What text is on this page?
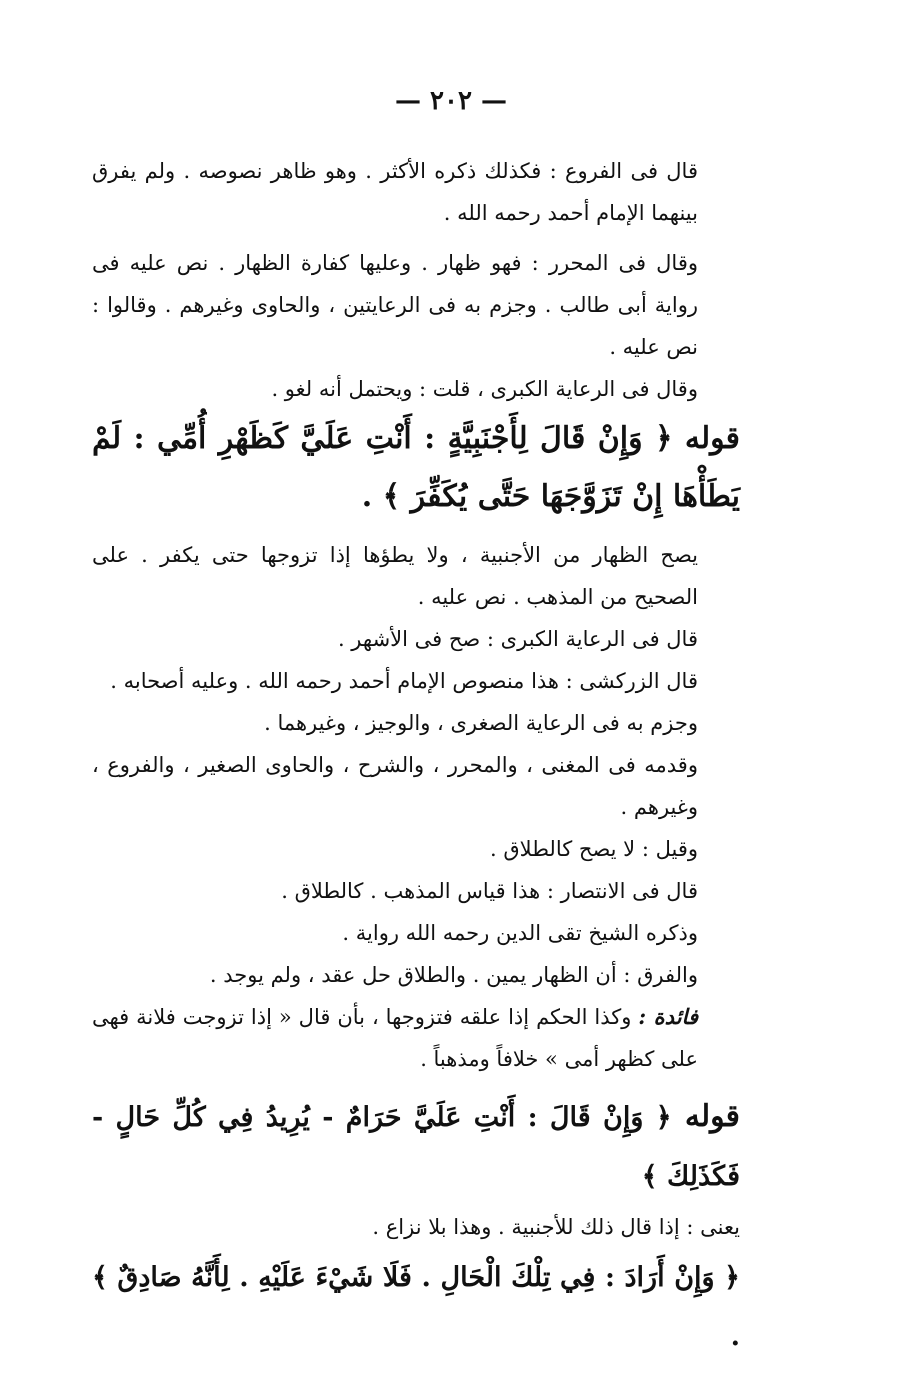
— ٢٠٢ —

قال فى الفروع : فكذلك ذكره الأكثر . وهو ظاهر نصوصه . ولم يفرق بينهما الإمام أحمد رحمه الله .

وقال فى المحرر : فهو ظهار . وعليها كفارة الظهار . نص عليه فى رواية أبى طالب . وجزم به فى الرعايتين ، والحاوى وغيرهم . وقالوا : نص عليه .

وقال فى الرعاية الكبرى ، قلت : ويحتمل أنه لغو .

قوله ﴿ وَإِنْ قَالَ لِأَجْنَبِيَّةٍ : أَنْتِ عَلَيَّ كَظَهْرِ أُمِّي : لَمْ يَطَأْهَا إِنْ تَزَوَّجَهَا حَتَّى يُكَفِّرَ ﴾ .

يصح الظهار من الأجنبية ، ولا يطؤها إذا تزوجها حتى يكفر . على الصحيح من المذهب . نص عليه .

قال فى الرعاية الكبرى : صح فى الأشهر .

قال الزركشى : هذا منصوص الإمام أحمد رحمه الله . وعليه أصحابه .

وجزم به فى الرعاية الصغرى ، والوجيز ، وغيرهما .

وقدمه فى المغنى ، والمحرر ، والشرح ، والحاوى الصغير ، والفروع ، وغيرهم .

وقيل : لا يصح كالطلاق .

قال فى الانتصار : هذا قياس المذهب . كالطلاق .

وذكره الشيخ تقى الدين رحمه الله رواية .

والفرق : أن الظهار يمين . والطلاق حل عقد ، ولم يوجد .

فائدة : وكذا الحكم إذا علقه فتزوجها ، بأن قال « إذا تزوجت فلانة فهى على كظهر أمى » خلافاً ومذهباً .

قوله ﴿ وَإِنْ قَالَ : أَنْتِ عَلَيَّ حَرَامٌ - يُرِيدُ فِي كُلِّ حَالٍ - فَكَذَلِكَ ﴾

يعنى : إذا قال ذلك للأجنبية . وهذا بلا نزاع .

﴿ وَإِنْ أَرَادَ : فِي تِلْكَ الْحَالِ . فَلَا شَيْءَ عَلَيْهِ . لِأَنَّهُ صَادِقٌ ﴾ .
